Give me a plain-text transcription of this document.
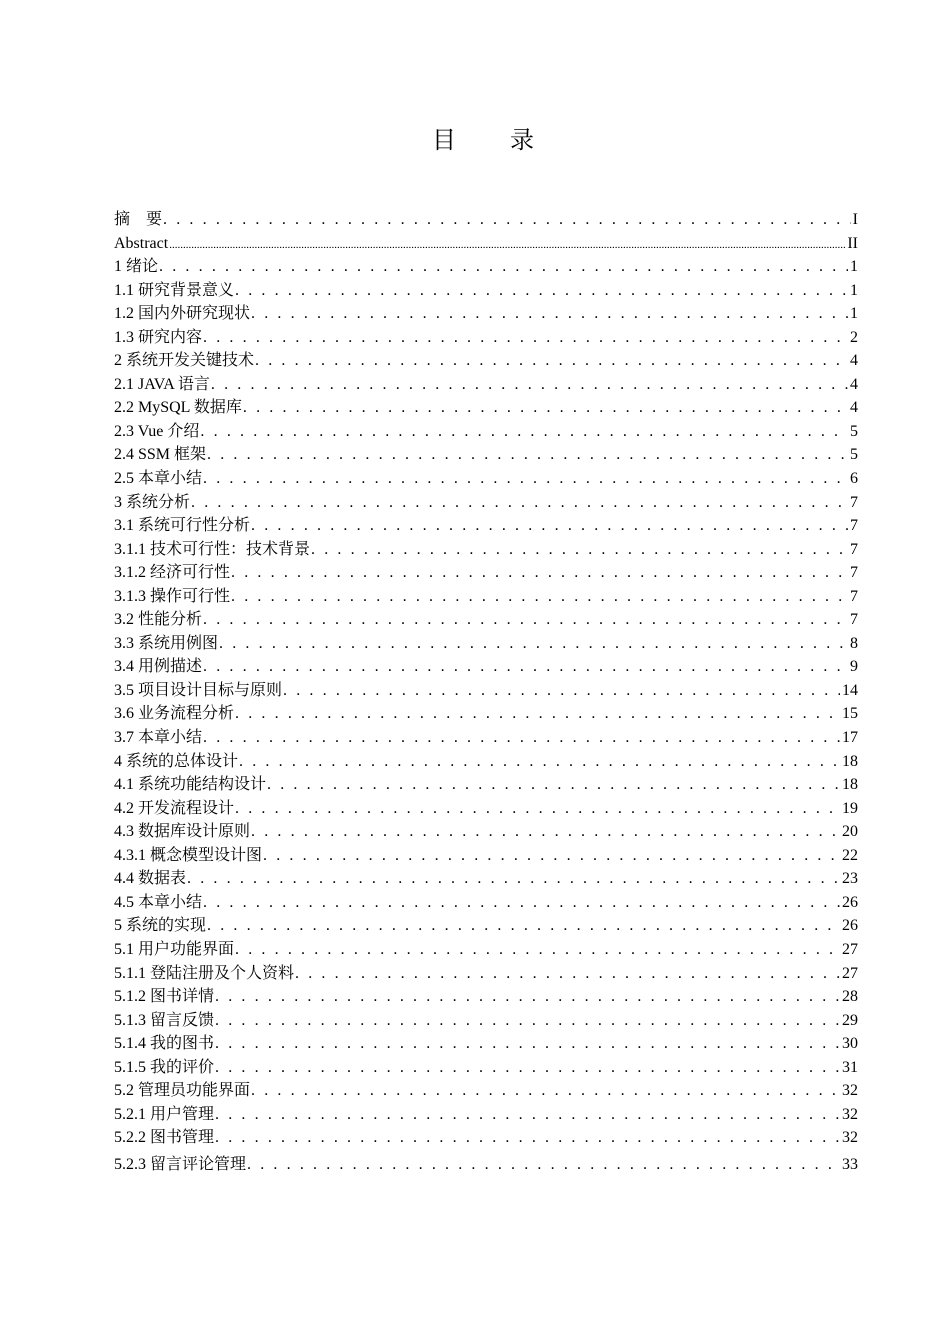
目 录
摘　要 . . .	I
Abstract .....	II
1 绪论 . . .	1
1.1 研究背景意义 . . .	1
1.2 国内外研究现状 . . .	1
1.3 研究内容 . . .	2
2 系统开发关键技术 . . .	4
2.1 JAVA 语言 . . .	4
2.2 MySQL 数据库 . . .	4
2.3 Vue 介绍 . . .	5
2.4 SSM 框架 . . .	5
2.5 本章小结 . . .	6
3 系统分析 . . .	7
3.1 系统可行性分析 . . .	7
3.1.1 技术可行性：技术背景 . . .	7
3.1.2 经济可行性 . . .	7
3.1.3 操作可行性 . . .	7
3.2 性能分析 . . .	7
3.3 系统用例图 . . .	8
3.4 用例描述 . . .	9
3.5 项目设计目标与原则 . . .	14
3.6 业务流程分析 . . .	15
3.7 本章小结 . . .	17
4 系统的总体设计 . . .	18
4.1 系统功能结构设计 . . .	18
4.2 开发流程设计 . . .	19
4.3 数据库设计原则 . . .	20
4.3.1 概念模型设计图 . . .	22
4.4 数据表 . . .	23
4.5 本章小结 . . .	26
5 系统的实现 . . .	26
5.1 用户功能界面 . . .	27
5.1.1 登陆注册及个人资料 . . .	27
5.1.2 图书详情 . . .	28
5.1.3 留言反馈 . . .	29
5.1.4 我的图书 . . .	30
5.1.5 我的评价 . . .	31
5.2 管理员功能界面 . . .	32
5.2.1 用户管理 . . .	32
5.2.2 图书管理 . . .	32
5.2.3 留言评论管理 . . .	33
